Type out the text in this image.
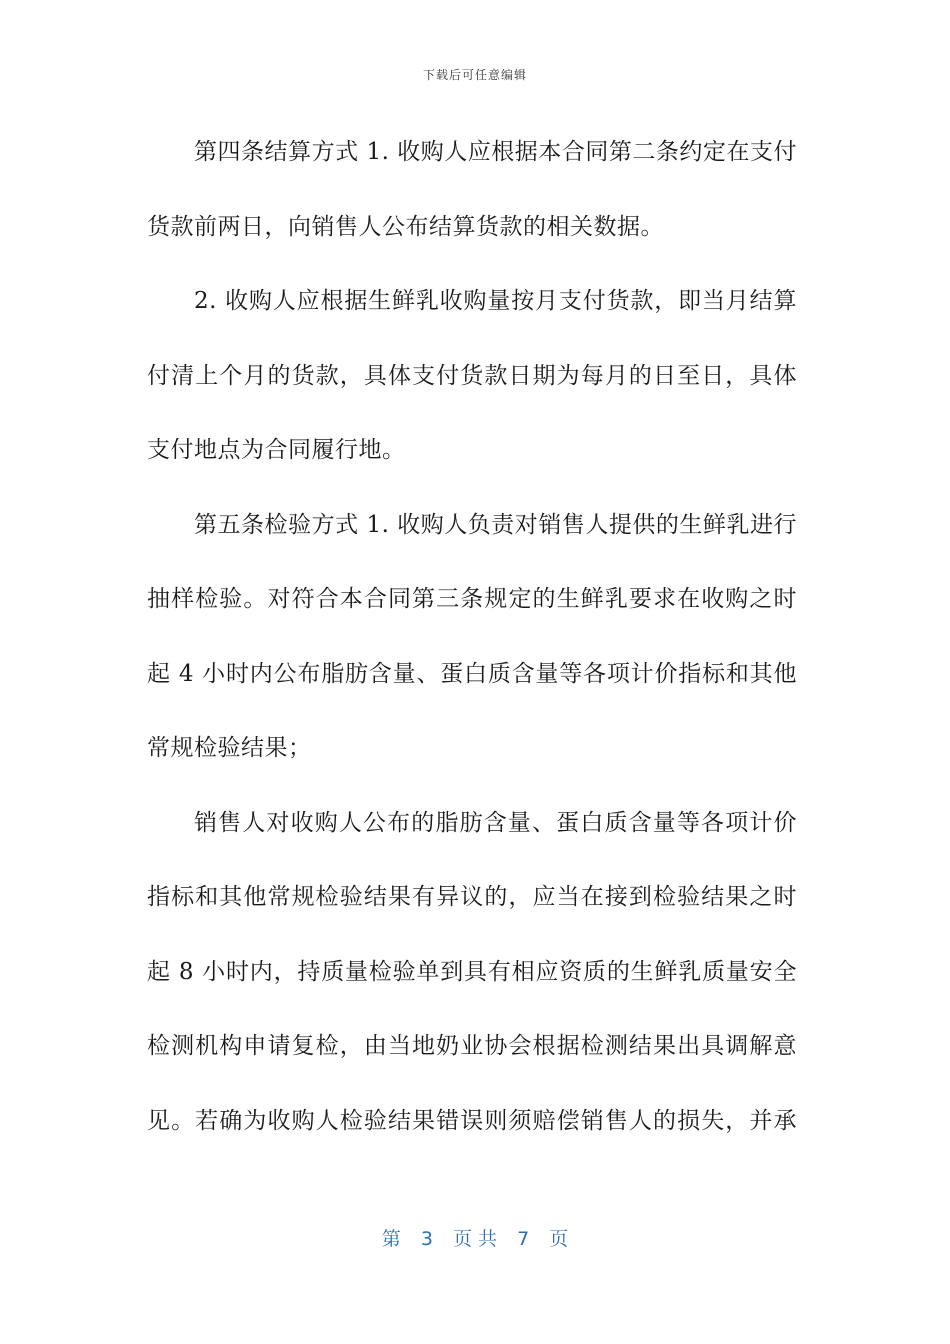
下载后可任意编辑
第四条结算方式 1. 收购人应根据本合同第二条约定在支付
货款前两日，向销售人公布结算货款的相关数据。
2. 收购人应根据生鲜乳收购量按月支付货款，即当月结算
付清上个月的货款，具体支付货款日期为每月的日至日，具体
支付地点为合同履行地。
第五条检验方式 1. 收购人负责对销售人提供的生鲜乳进行
抽样检验。对符合本合同第三条规定的生鲜乳要求在收购之时
起 4 小时内公布脂肪含量、蛋白质含量等各项计价指标和其他
常规检验结果；
销售人对收购人公布的脂肪含量、蛋白质含量等各项计价
指标和其他常规检验结果有异议的，应当在接到检验结果之时
起 8 小时内，持质量检验单到具有相应资质的生鲜乳质量安全
检测机构申请复检，由当地奶业协会根据检测结果出具调解意
见。若确为收购人检验结果错误则须赔偿销售人的损失，并承
第 3 页 共 7 页
